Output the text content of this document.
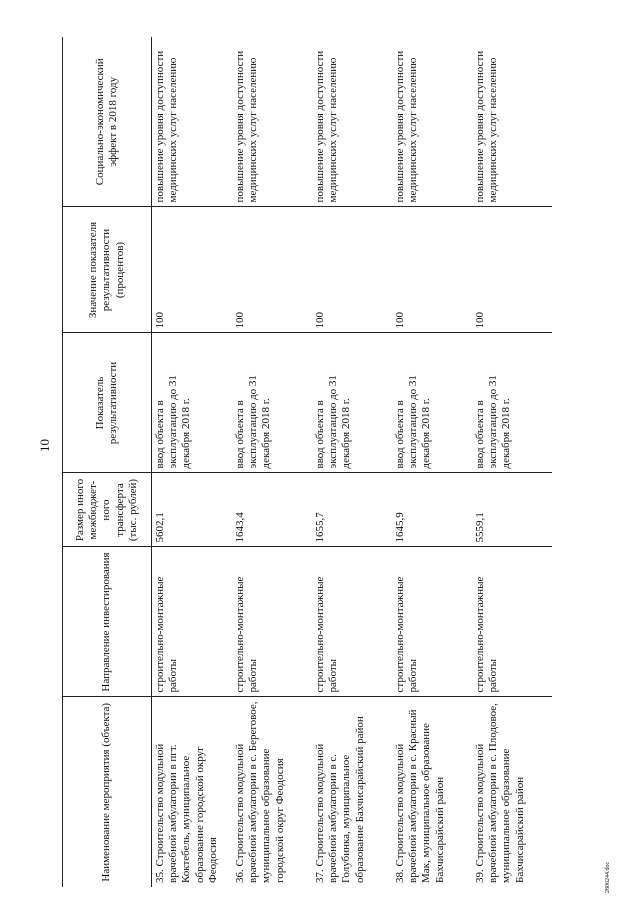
10
2806244.doc
Наименование мероприятия (объекта)	Направление инвестирования	Размер иного межбюджет-ного трансферта (тыс. рублей)	Показатель результативности	Значение показателя результативности (процентов)	Социально-экономический эффект в 2018 году
35. Строительство модульной врачебной амбулатории в пгт. Коктебель, муниципальное образование городской округ Феодосия	строительно-монтажные работы	5602,1	ввод объекта в эксплуатацию до 31 декабря 2018 г.	100	повышение уровня доступности медицинских услуг населению
36. Строительство модульной врачебной амбулатории в с. Береговое, муниципальное образование городской округ Феодосия	строительно-монтажные работы	1643,4	ввод объекта в эксплуатацию до 31 декабря 2018 г.	100	повышение уровня доступности медицинских услуг населению
37. Строительство модульной врачебной амбулатории в с. Голубинка, муниципальное образование Бахчисарайский район	строительно-монтажные работы	1655,7	ввод объекта в эксплуатацию до 31 декабря 2018 г.	100	повышение уровня доступности медицинских услуг населению
38. Строительство модульной врачебной амбулатории в с. Красный Мак, муниципальное образование Бахчисарайский район	строительно-монтажные работы	1645,9	ввод объекта в эксплуатацию до 31 декабря 2018 г.	100	повышение уровня доступности медицинских услуг населению
39. Строительство модульной врачебной амбулатории в с. Плодовое, муниципальное образование Бахчисарайский район	строительно-монтажные работы	5559,1	ввод объекта в эксплуатацию до 31 декабря 2018 г.	100	повышение уровня доступности медицинских услуг населению
